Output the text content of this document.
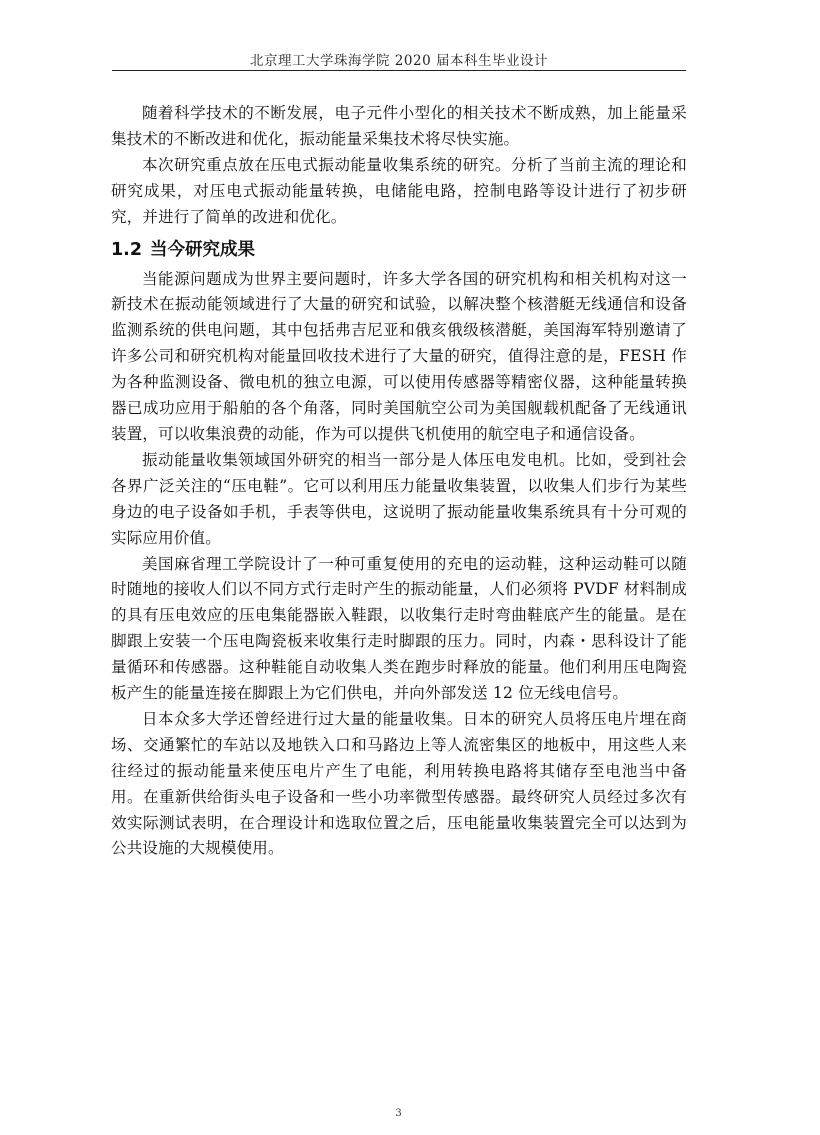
北京理工大学珠海学院 2020 届本科生毕业设计

随着科学技术的不断发展，电子元件小型化的相关技术不断成熟，加上能量采集技术的不断改进和优化，振动能量采集技术将尽快实施。

本次研究重点放在压电式振动能量收集系统的研究。分析了当前主流的理论和研究成果，对压电式振动能量转换，电储能电路，控制电路等设计进行了初步研究，并进行了简单的改进和优化。

1.2 当今研究成果

当能源问题成为世界主要问题时，许多大学各国的研究机构和相关机构对这一新技术在振动能领域进行了大量的研究和试验，以解决整个核潜艇无线通信和设备监测系统的供电问题，其中包括弗吉尼亚和俄亥俄级核潜艇，美国海军特别邀请了许多公司和研究机构对能量回收技术进行了大量的研究，值得注意的是，FESH 作为各种监测设备、微电机的独立电源，可以使用传感器等精密仪器，这种能量转换器已成功应用于船舶的各个角落，同时美国航空公司为美国舰载机配备了无线通讯装置，可以收集浪费的动能，作为可以提供飞机使用的航空电子和通信设备。

振动能量收集领域国外研究的相当一部分是人体压电发电机。比如，受到社会各界广泛关注的“压电鞋”。它可以利用压力能量收集装置，以收集人们步行为某些身边的电子设备如手机，手表等供电，这说明了振动能量收集系统具有十分可观的实际应用价值。

美国麻省理工学院设计了一种可重复使用的充电的运动鞋，这种运动鞋可以随时随地的接收人们以不同方式行走时产生的振动能量，人们必须将 PVDF 材料制成的具有压电效应的压电集能器嵌入鞋跟，以收集行走时弯曲鞋底产生的能量。是在脚跟上安装一个压电陶瓷板来收集行走时脚跟的压力。同时，内森・思科设计了能量循环和传感器。这种鞋能自动收集人类在跑步时释放的能量。他们利用压电陶瓷板产生的能量连接在脚跟上为它们供电，并向外部发送 12 位无线电信号。

日本众多大学还曾经进行过大量的能量收集。日本的研究人员将压电片埋在商场、交通繁忙的车站以及地铁入口和马路边上等人流密集区的地板中，用这些人来往经过的振动能量来使压电片产生了电能，利用转换电路将其储存至电池当中备用。在重新供给街头电子设备和一些小功率微型传感器。最终研究人员经过多次有效实际测试表明，在合理设计和选取位置之后，压电能量收集装置完全可以达到为公共设施的大规模使用。

3
